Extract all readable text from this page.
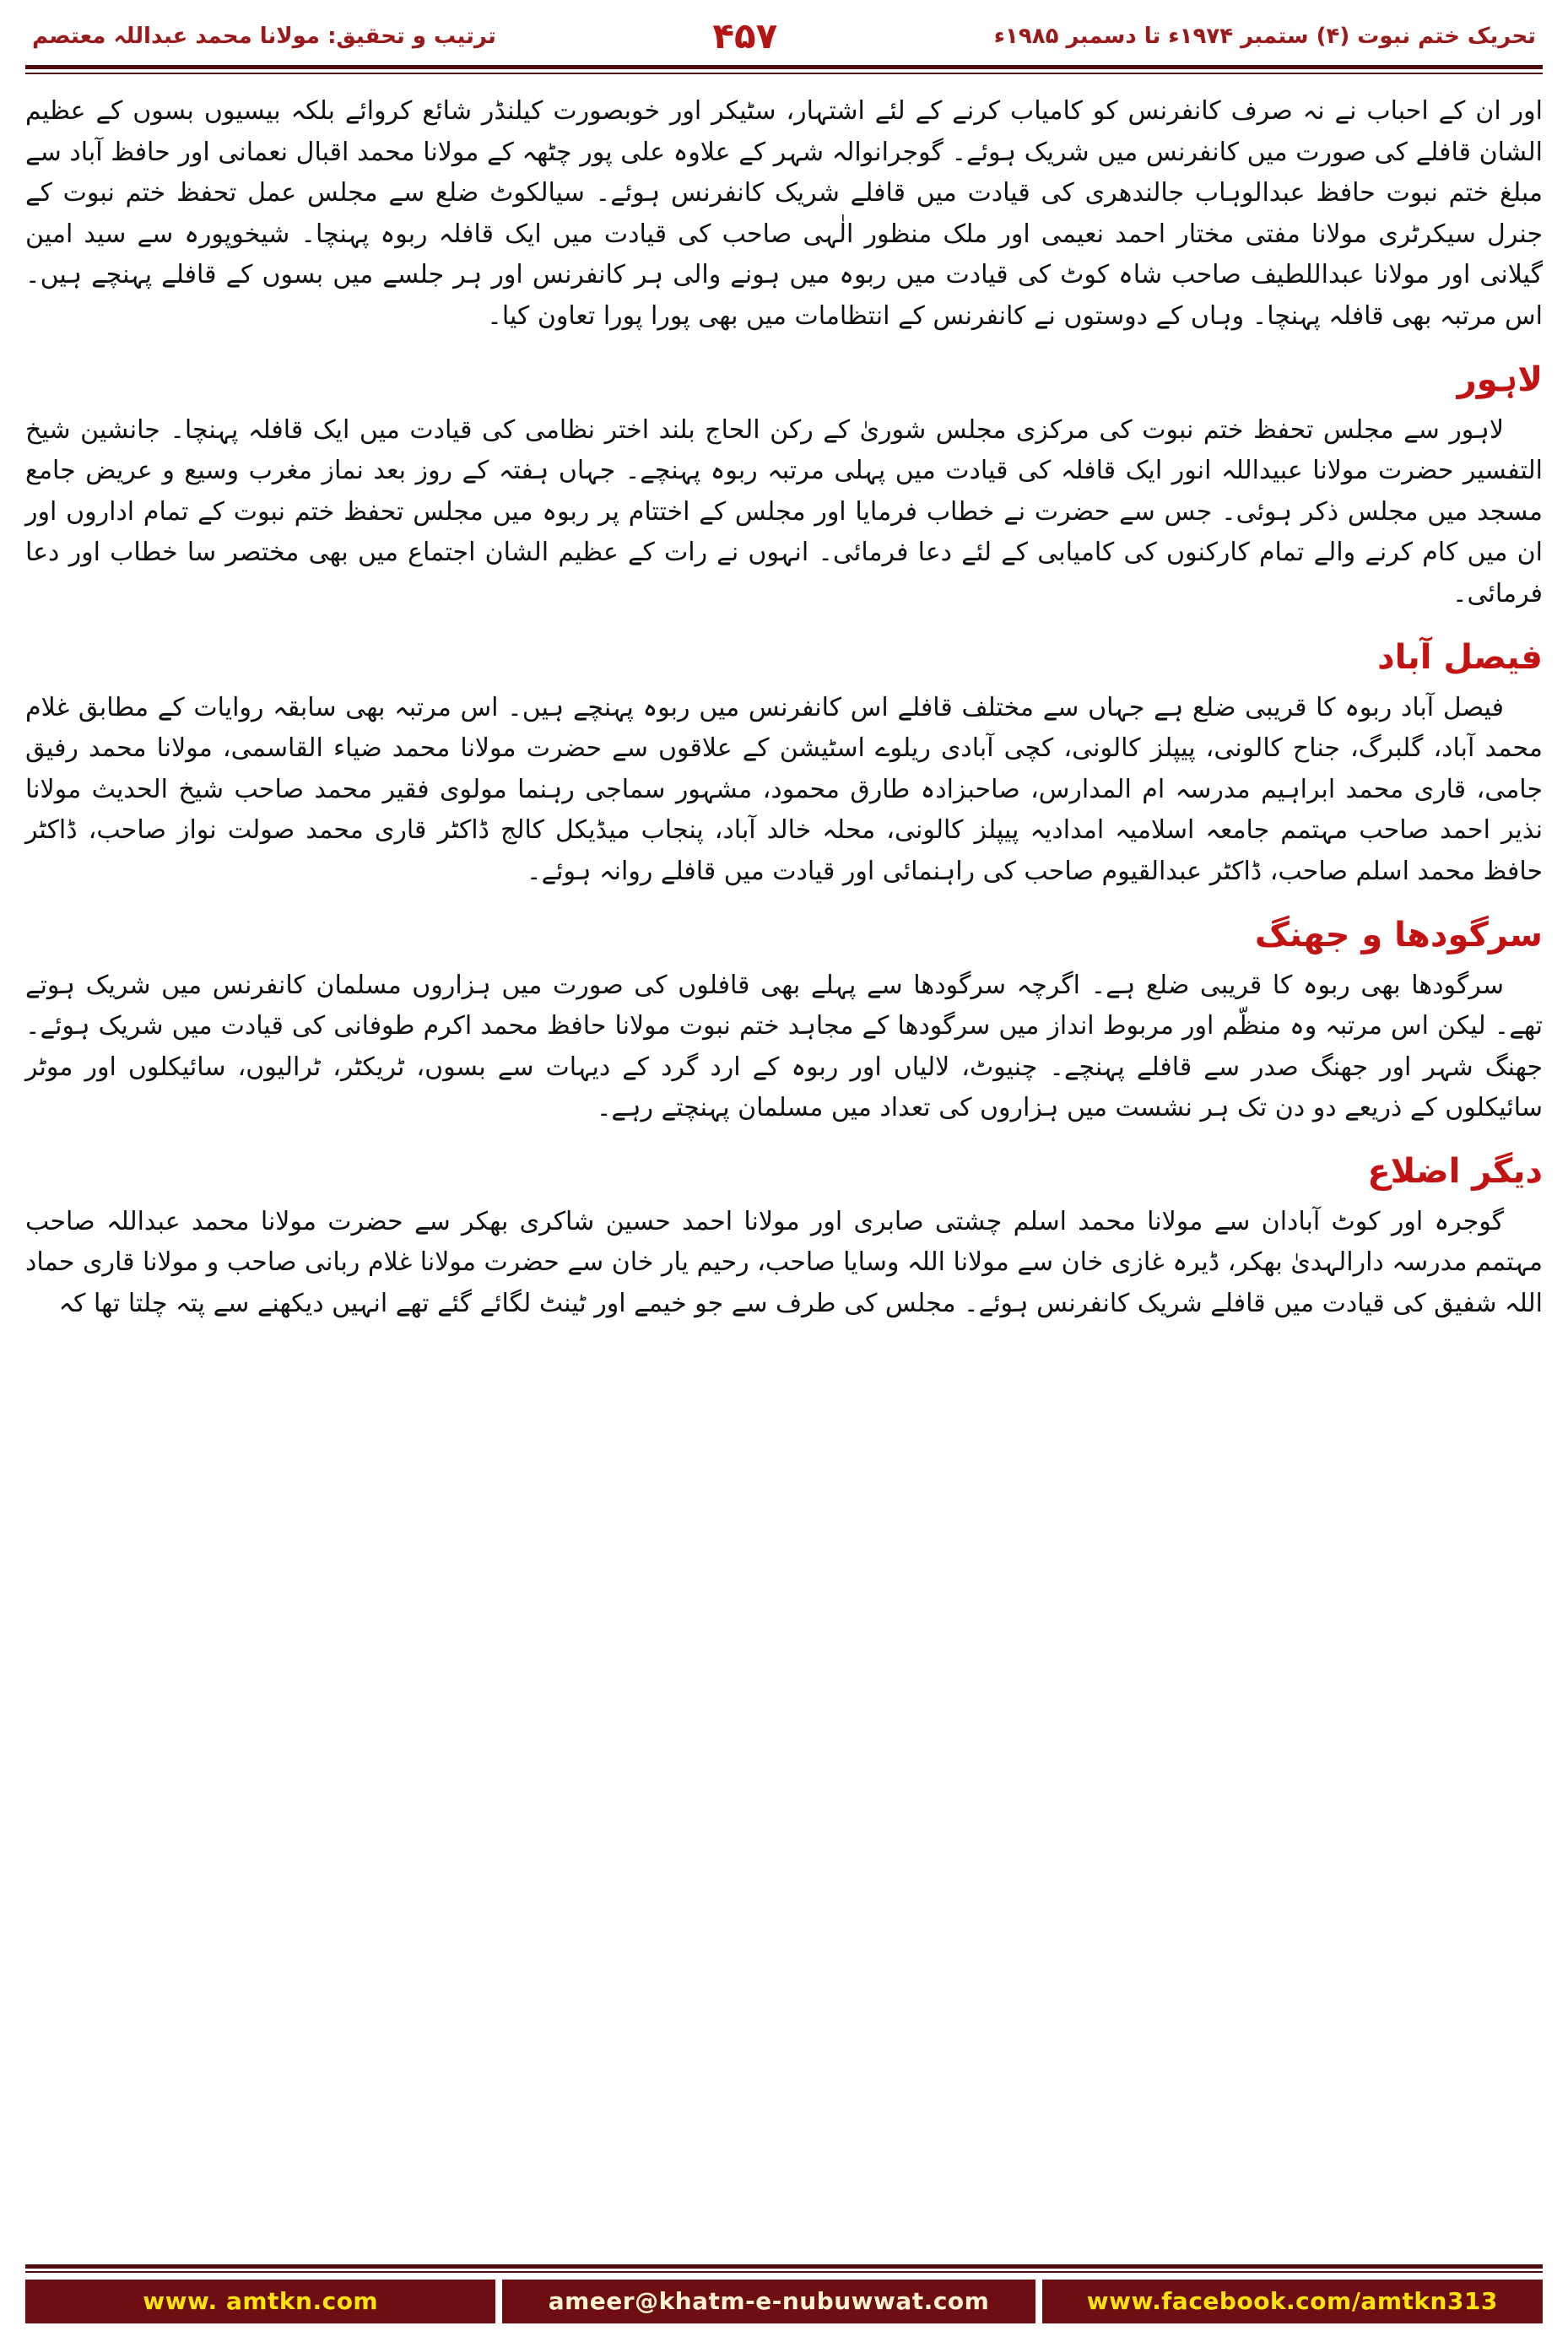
تحریک ختم نبوت (۴) ستمبر ۱۹۷۴ء تا دسمبر ۱۹۸۵ء
۴۵۷
ترتیب و تحقیق: مولانا محمد عبداللہ معتصم

اور ان کے احباب نے نہ صرف کانفرنس کو کامیاب کرنے کے لئے اشتہار، سٹیکر اور خوبصورت کیلنڈر شائع کروائے بلکہ بیسیوں بسوں کے عظیم الشان قافلے کی صورت میں کانفرنس میں شریک ہوئے۔ گوجرانوالہ شہر کے علاوہ علی پور چٹھہ کے مولانا محمد اقبال نعمانی اور حافظ آباد سے مبلغ ختم نبوت حافظ عبدالوہاب جالندھری کی قیادت میں قافلے شریک کانفرنس ہوئے۔ سیالکوٹ ضلع سے مجلس عمل تحفظ ختم نبوت کے جنرل سیکرٹری مولانا مفتی مختار احمد نعیمی اور ملک منظور الٰہی صاحب کی قیادت میں ایک قافلہ ربوہ پہنچا۔ شیخوپورہ سے سید امین گیلانی اور مولانا عبداللطیف صاحب شاہ کوٹ کی قیادت میں ربوہ میں ہونے والی ہر کانفرنس اور ہر جلسے میں بسوں کے قافلے پہنچے ہیں۔ اس مرتبہ بھی قافلہ پہنچا۔ وہاں کے دوستوں نے کانفرنس کے انتظامات میں بھی پورا پورا تعاون کیا۔

لاہور

لاہور سے مجلس تحفظ ختم نبوت کی مرکزی مجلس شوریٰ کے رکن الحاج بلند اختر نظامی کی قیادت میں ایک قافلہ پہنچا۔ جانشین شیخ التفسیر حضرت مولانا عبیداللہ انور ایک قافلہ کی قیادت میں پہلی مرتبہ ربوہ پہنچے۔ جہاں ہفتہ کے روز بعد نماز مغرب وسیع و عریض جامع مسجد میں مجلس ذکر ہوئی۔ جس سے حضرت نے خطاب فرمایا اور مجلس کے اختتام پر ربوہ میں مجلس تحفظ ختم نبوت کے تمام اداروں اور ان میں کام کرنے والے تمام کارکنوں کی کامیابی کے لئے دعا فرمائی۔ انہوں نے رات کے عظیم الشان اجتماع میں بھی مختصر سا خطاب اور دعا فرمائی۔

فیصل آباد

فیصل آباد ربوہ کا قریبی ضلع ہے جہاں سے مختلف قافلے اس کانفرنس میں ربوہ پہنچے ہیں۔ اس مرتبہ بھی سابقہ روایات کے مطابق غلام محمد آباد، گلبرگ، جناح کالونی، پیپلز کالونی، کچی آبادی ریلوے اسٹیشن کے علاقوں سے حضرت مولانا محمد ضیاء القاسمی، مولانا محمد رفیق جامی، قاری محمد ابراہیم مدرسہ ام المدارس، صاحبزادہ طارق محمود، مشہور سماجی رہنما مولوی فقیر محمد صاحب شیخ الحدیث مولانا نذیر احمد صاحب مہتمم جامعہ اسلامیہ امدادیہ پیپلز کالونی، محلہ خالد آباد، پنجاب میڈیکل کالج ڈاکٹر قاری محمد صولت نواز صاحب، ڈاکٹر حافظ محمد اسلم صاحب، ڈاکٹر عبدالقیوم صاحب کی راہنمائی اور قیادت میں قافلے روانہ ہوئے۔

سرگودھا و جھنگ

سرگودھا بھی ربوہ کا قریبی ضلع ہے۔ اگرچہ سرگودھا سے پہلے بھی قافلوں کی صورت میں ہزاروں مسلمان کانفرنس میں شریک ہوتے تھے۔ لیکن اس مرتبہ وہ منظّم اور مربوط انداز میں سرگودھا کے مجاہد ختم نبوت مولانا حافظ محمد اکرم طوفانی کی قیادت میں شریک ہوئے۔ جھنگ شہر اور جھنگ صدر سے قافلے پہنچے۔ چنیوٹ، لالیاں اور ربوہ کے ارد گرد کے دیہات سے بسوں، ٹریکٹر، ٹرالیوں، سائیکلوں اور موٹر سائیکلوں کے ذریعے دو دن تک ہر نشست میں ہزاروں کی تعداد میں مسلمان پہنچتے رہے۔

دیگر اضلاع

گوجرہ اور کوٹ آبادان سے مولانا محمد اسلم چشتی صابری اور مولانا احمد حسین شاکری بھکر سے حضرت مولانا محمد عبداللہ صاحب مہتمم مدرسہ دارالہدیٰ بھکر، ڈیرہ غازی خان سے مولانا اللہ وسایا صاحب، رحیم یار خان سے حضرت مولانا غلام ربانی صاحب و مولانا قاری حماد اللہ شفیق کی قیادت میں قافلے شریک کانفرنس ہوئے۔ مجلس کی طرف سے جو خیمے اور ٹینٹ لگائے گئے تھے انہیں دیکھنے سے پتہ چلتا تھا کہ

www. amtkn.com	ameer@khatm-e-nubuwwat.com	www.facebook.com/amtkn313
